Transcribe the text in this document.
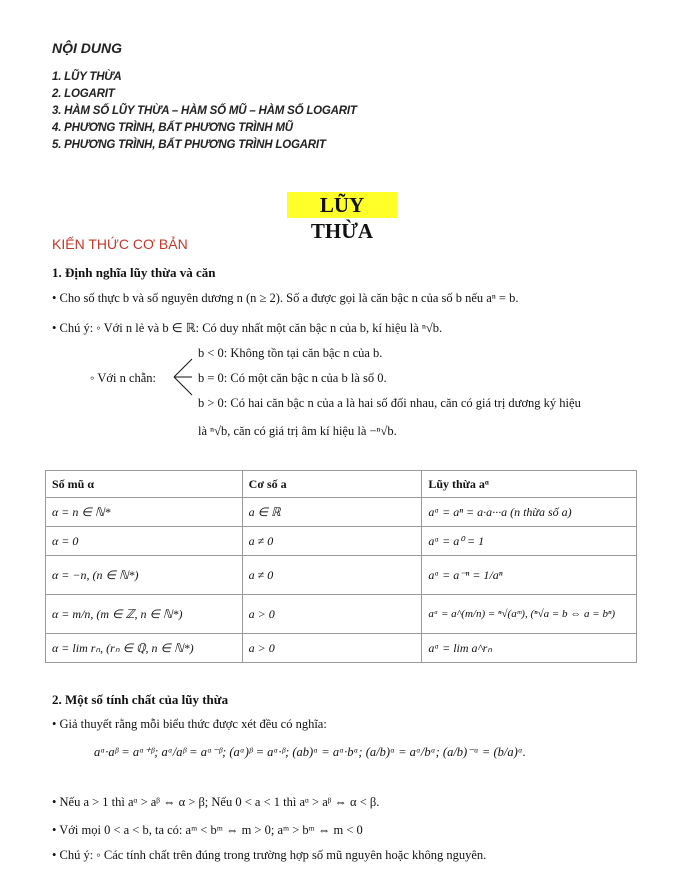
NỘI DUNG
1. LŨY THỪA
2. LOGARIT
3. HÀM SỐ LŨY THỪA – HÀM SỐ MŨ – HÀM SỐ LOGARIT
4. PHƯƠNG TRÌNH, BẤT PHƯƠNG TRÌNH MŨ
5. PHƯƠNG TRÌNH, BẤT PHƯƠNG TRÌNH LOGARIT
LŨY THỪA
KIẾN THỨC CƠ BẢN
1. Định nghĩa lũy thừa và căn
• Cho số thực b và số nguyên dương n (n ≥ 2). Số a được gọi là căn bậc n của số b nếu aⁿ = b.
• Chú ý: ◦ Với n lẻ và b ∈ ℝ: Có duy nhất một căn bậc n của b, kí hiệu là ⁿ√b.
◦ Với n chẵn:
b < 0: Không tồn tại căn bậc n của b.
b = 0: Có một căn bậc n của b là số 0.
b > 0: Có hai căn bậc n của a là hai số đối nhau, căn có giá trị dương ký hiệu
là ⁿ√b, căn có giá trị âm kí hiệu là −ⁿ√b.
Số mũ α	Cơ số a	Lũy thừa aᵅ
α = n ∈ ℕ*	a ∈ ℝ	aᵅ = aⁿ = a·a···a (n thừa số a)
α = 0	a ≠ 0	aᵅ = a⁰ = 1
α = −n, (n ∈ ℕ*)	a ≠ 0	aᵅ = a⁻ⁿ = 1/aⁿ
α = m/n, (m ∈ ℤ, n ∈ ℕ*)	a > 0	aᵅ = a^(m/n) = ⁿ√(aᵐ), (ⁿ√a = b ⇔ a = bⁿ)
α = lim rₙ, (rₙ ∈ ℚ, n ∈ ℕ*)	a > 0	aᵅ = lim a^rₙ
2. Một số tính chất của lũy thừa
• Giả thuyết rằng mỗi biểu thức được xét đều có nghĩa:
aᵅ·aᵝ = aᵅ⁺ᵝ; aᵅ/aᵝ = aᵅ⁻ᵝ; (aᵅ)ᵝ = aᵅ·ᵝ; (ab)ᵅ = aᵅ·bᵅ; (a/b)ᵅ = aᵅ/bᵅ; (a/b)⁻ᵅ = (b/a)ᵅ.
• Nếu a > 1 thì aᵅ > aᵝ ⇔ α > β; Nếu 0 < a < 1 thì aᵅ > aᵝ ⇔ α < β.
• Với mọi 0 < a < b, ta có: aᵐ < bᵐ ⇔ m > 0; aᵐ > bᵐ ⇔ m < 0
• Chú ý: ◦ Các tính chất trên đúng trong trường hợp số mũ nguyên hoặc không nguyên.
